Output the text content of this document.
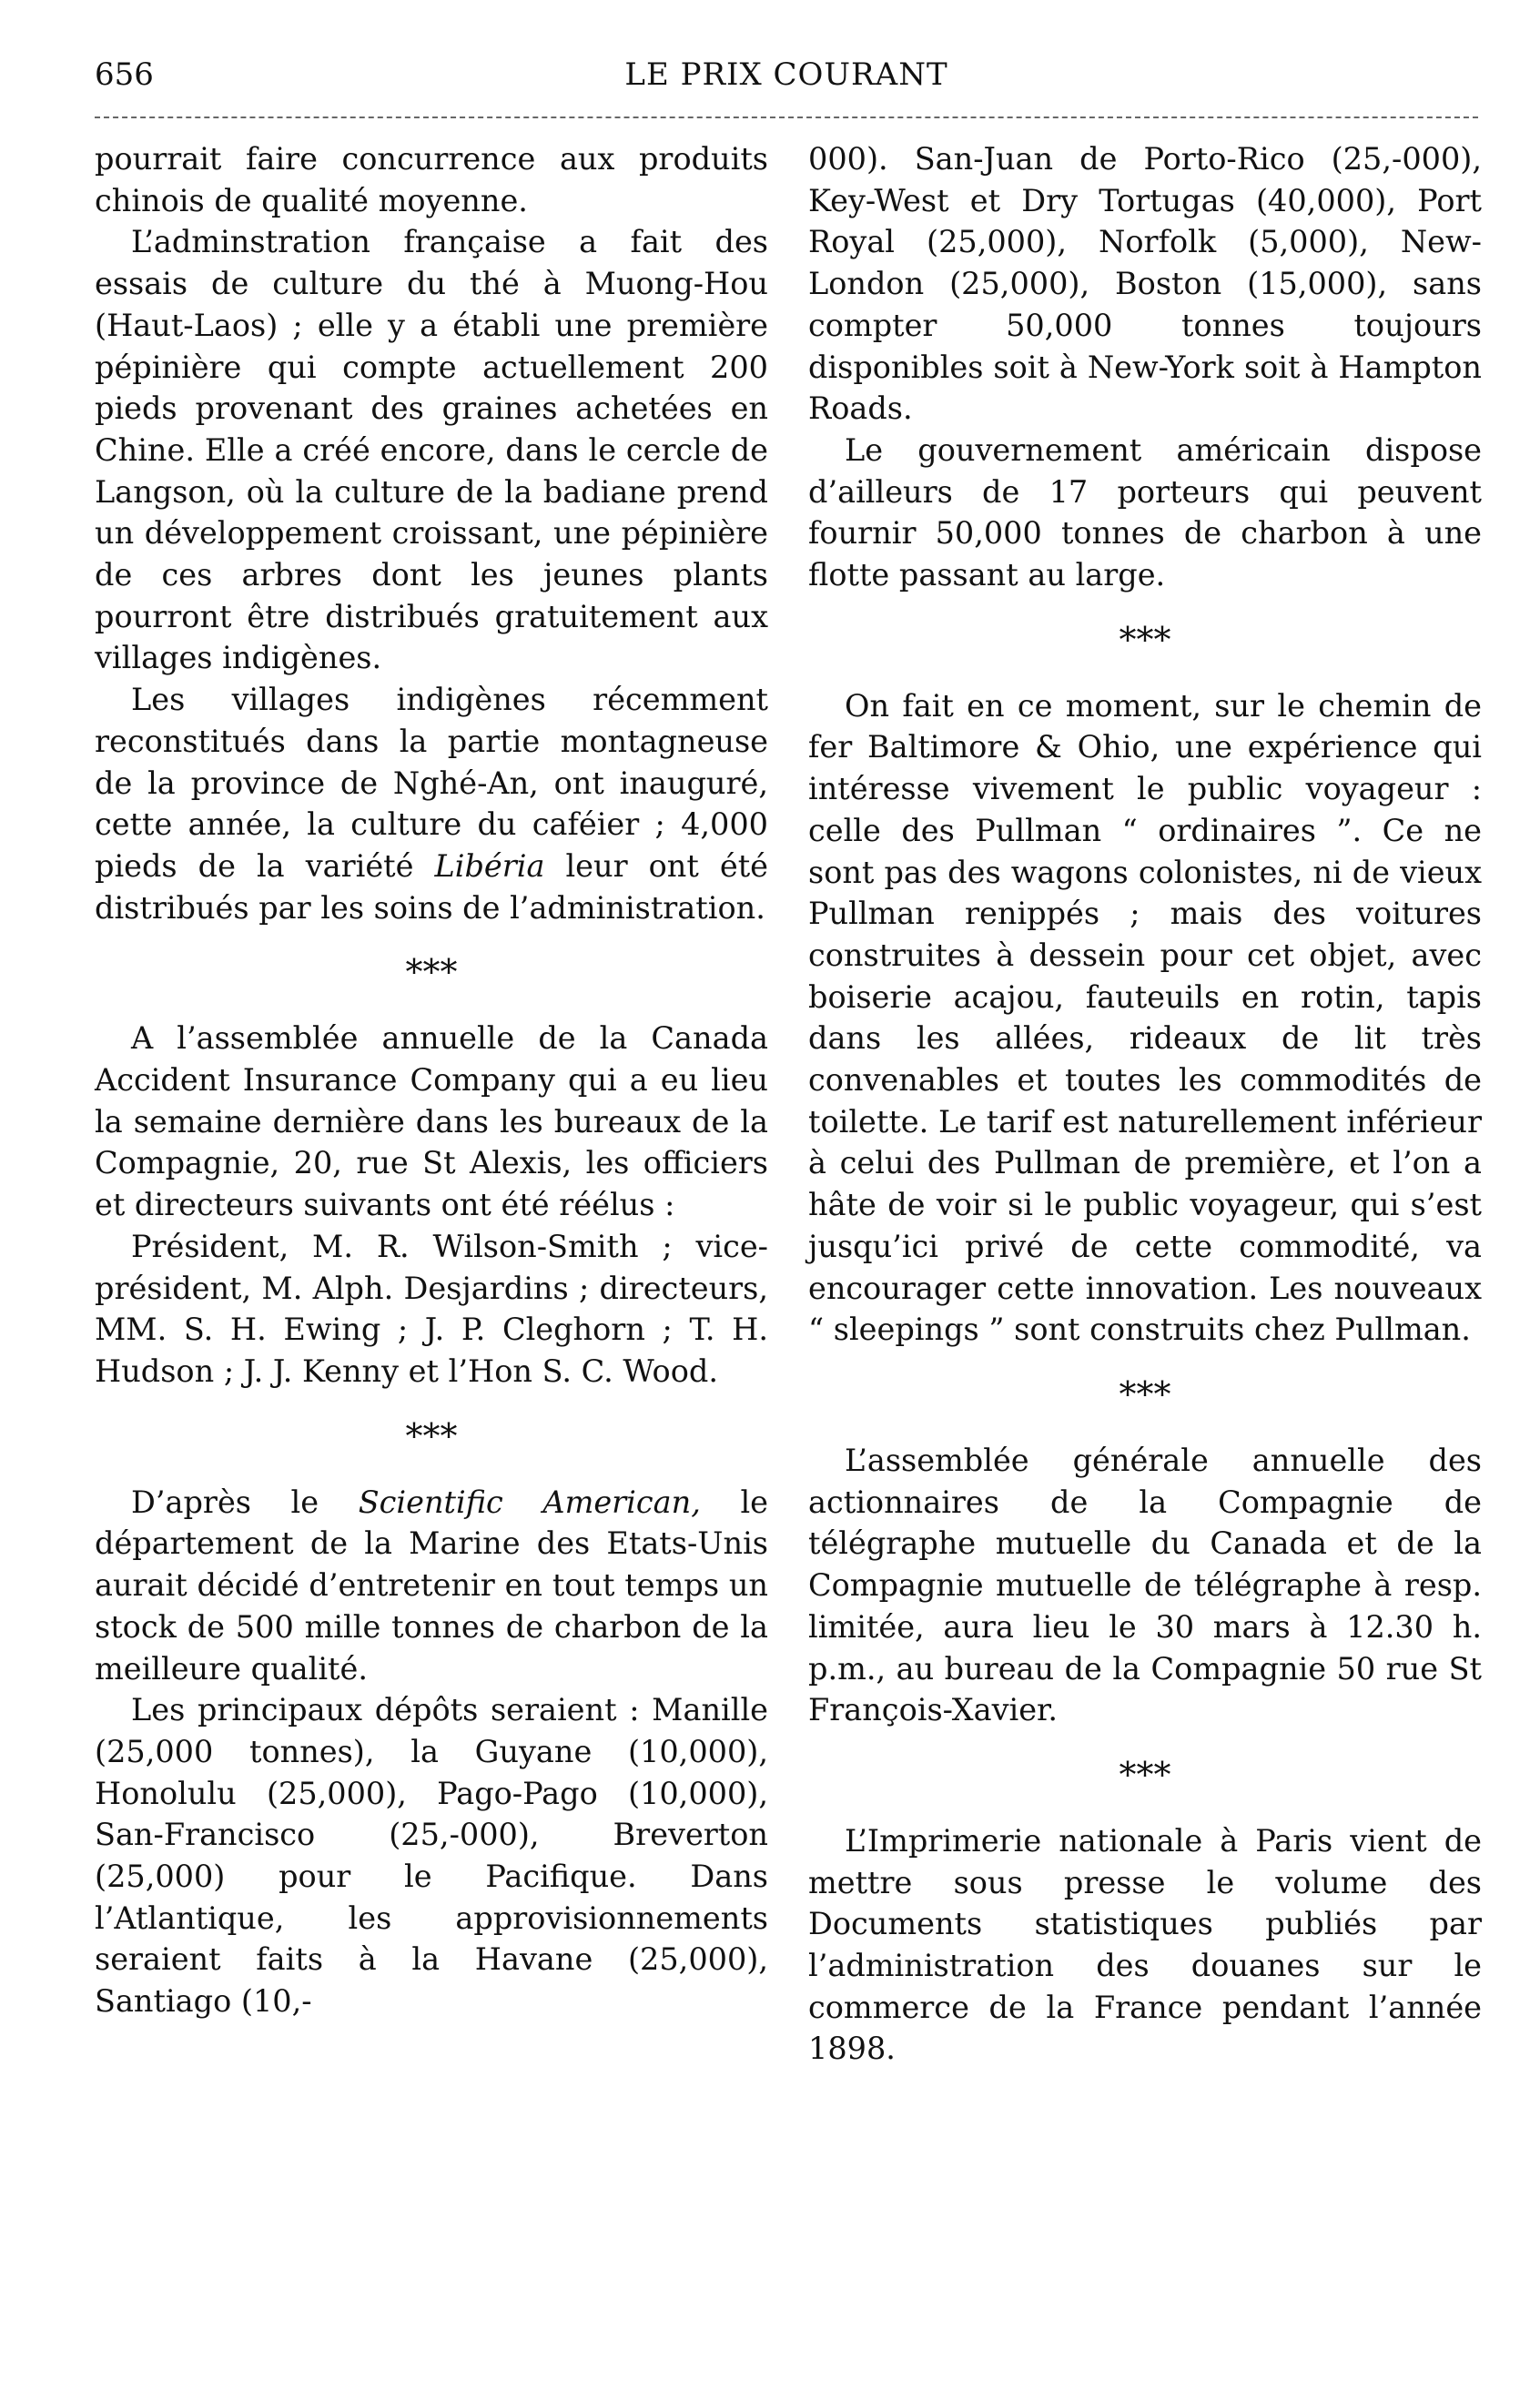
656	LE PRIX COURANT

pourrait faire concurrence aux produits chinois de qualité moyenne.

L’adminstration française a fait des essais de culture du thé à Muong-Hou (Haut-Laos) ; elle y a établi une première pépinière qui compte actuellement 200 pieds provenant des graines achetées en Chine. Elle a créé encore, dans le cercle de Langson, où la culture de la badiane prend un développement croissant, une pépinière de ces arbres dont les jeunes plants pourront être distribués gratuitement aux villages indigènes.

Les villages indigènes récemment reconstitués dans la partie montagneuse de la province de Nghé-An, ont inauguré, cette année, la culture du caféier ; 4,000 pieds de la variété Libéria leur ont été distribués par les soins de l’administration.

***

A l’assemblée annuelle de la Canada Accident Insurance Company qui a eu lieu la semaine dernière dans les bureaux de la Compagnie, 20, rue St Alexis, les officiers et directeurs suivants ont été réélus :

Président, M. R. Wilson-Smith ; vice-président, M. Alph. Desjardins ; directeurs, MM. S. H. Ewing ; J. P. Cleghorn ; T. H. Hudson ; J. J. Kenny et l’Hon S. C. Wood.

***

D’après le Scientific American, le département de la Marine des Etats-Unis aurait décidé d’entretenir en tout temps un stock de 500 mille tonnes de charbon de la meilleure qualité.

Les principaux dépôts seraient : Manille (25,000 tonnes), la Guyane (10,000), Honolulu (25,000), Pago-Pago (10,000), San-Francisco (25,-000), Breverton (25,000) pour le Pacifique. Dans l’Atlantique, les approvisionnements seraient faits à la Havane (25,000), Santiago (10,-

000). San-Juan de Porto-Rico (25,-000), Key-West et Dry Tortugas (40,000), Port Royal (25,000), Norfolk (5,000), New-London (25,000), Boston (15,000), sans compter 50,000 tonnes toujours disponibles soit à New-York soit à Hampton Roads.

Le gouvernement américain dispose d’ailleurs de 17 porteurs qui peuvent fournir 50,000 tonnes de charbon à une flotte passant au large.

***

On fait en ce moment, sur le chemin de fer Baltimore & Ohio, une expérience qui intéresse vivement le public voyageur : celle des Pullman “ ordinaires ”. Ce ne sont pas des wagons colonistes, ni de vieux Pullman renippés ; mais des voitures construites à dessein pour cet objet, avec boiserie acajou, fauteuils en rotin, tapis dans les allées, rideaux de lit très convenables et toutes les commodités de toilette. Le tarif est naturellement inférieur à celui des Pullman de première, et l’on a hâte de voir si le public voyageur, qui s’est jusqu’ici privé de cette commodité, va encourager cette innovation. Les nouveaux “ sleepings ” sont construits chez Pullman.

***

L’assemblée générale annuelle des actionnaires de la Compagnie de télégraphe mutuelle du Canada et de la Compagnie mutuelle de télégraphe à resp. limitée, aura lieu le 30 mars à 12.30 h. p.m., au bureau de la Compagnie 50 rue St François-Xavier.

***

L’Imprimerie nationale à Paris vient de mettre sous presse le volume des Documents statistiques publiés par l’administration des douanes sur le commerce de la France pendant l’année 1898.
